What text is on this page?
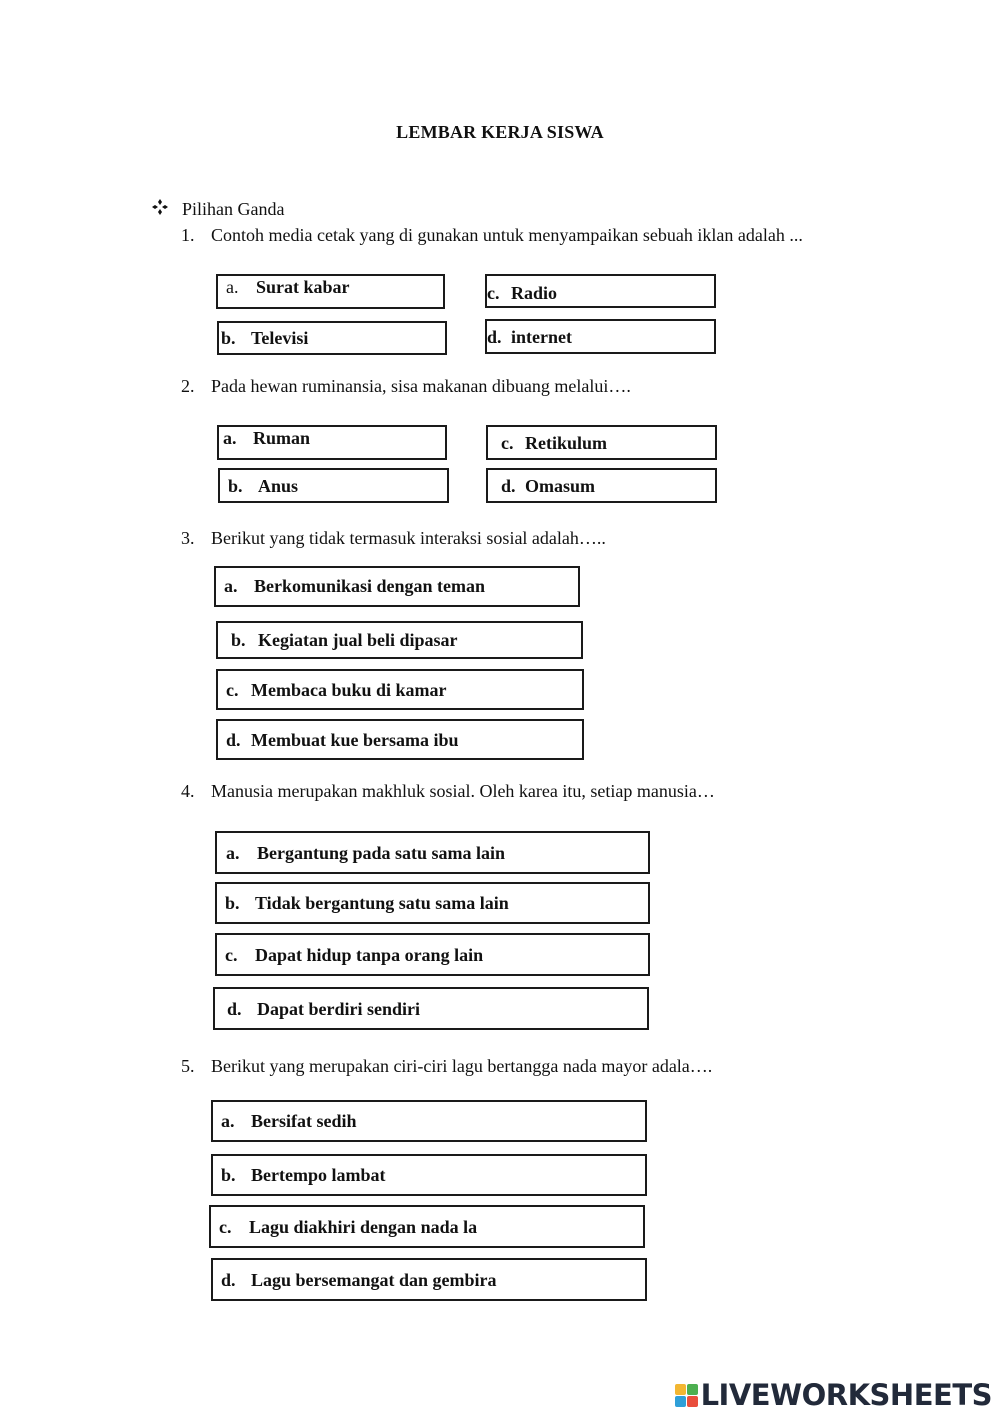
LEMBAR KERJA SISWA
Pilihan Ganda
1. Contoh media cetak yang di gunakan untuk menyampaikan sebuah iklan adalah ...
a. Surat kabar
b. Televisi
c. Radio
d. internet
2. Pada hewan ruminansia, sisa makanan dibuang melalui….
a. Ruman
b. Anus
c. Retikulum
d. Omasum
3. Berikut yang tidak termasuk interaksi sosial adalah…..
a. Berkomunikasi dengan teman
b. Kegiatan jual beli dipasar
c. Membaca buku di kamar
d. Membuat kue bersama ibu
4. Manusia merupakan makhluk sosial. Oleh karea itu, setiap manusia…
a. Bergantung pada satu sama lain
b. Tidak bergantung satu sama lain
c. Dapat hidup tanpa orang lain
d. Dapat berdiri sendiri
5. Berikut yang merupakan ciri-ciri lagu bertangga nada mayor adala….
a. Bersifat sedih
b. Bertempo lambat
c. Lagu diakhiri dengan nada la
d. Lagu bersemangat dan gembira
LIVEWORKSHEETS
